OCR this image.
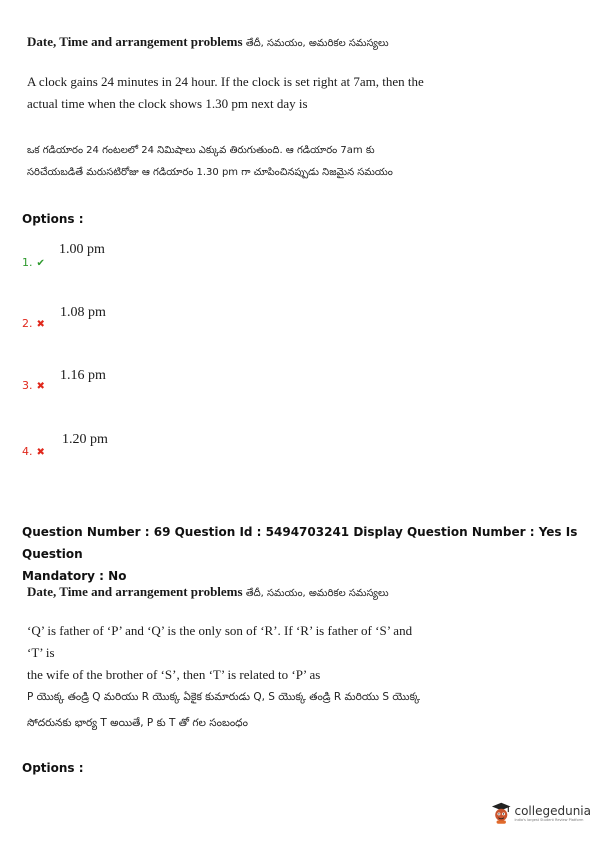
Date, Time and arrangement problems తేదీ, సమయం, అమరికల సమస్యలు
A clock gains 24 minutes in 24 hour. If the clock is set right at 7am, then the
actual time when the clock shows 1.30 pm next day is
ఒక గడియారం 24 గంటలలో 24 నిమిషాలు ఎక్కువ తిరుగుతుంది. ఆ గడియారం 7am కు
సరిచేయబడితే మరుసటిరోజు ఆ గడియారం 1.30 pm గా చూపించినప్పుడు నిజమైన సమయం
Options :
1. ✔
1.00 pm
2. ✖
1.08 pm
3. ✖
1.16 pm
4. ✖
1.20 pm
Question Number : 69 Question Id : 5494703241 Display Question Number : Yes Is Question
Mandatory : No
Date, Time and arrangement problems తేదీ, సమయం, అమరికల సమస్యలు
‘Q’ is father of ‘P’ and ‘Q’ is the only son of ‘R’. If ‘R’ is father of ‘S’ and ‘T’ is
the wife of the brother of ‘S’, then ‘T’ is related to ‘P’ as
P యొక్క తండ్రి Q మరియు R యొక్క ఏకైక కుమారుడు Q, S యొక్క తండ్రి R మరియు S యొక్క
సోదరునకు భార్య T అయితే, P కు T తో గల సంబంధం
Options :
collegedunia
India's largest Student Review Platform
